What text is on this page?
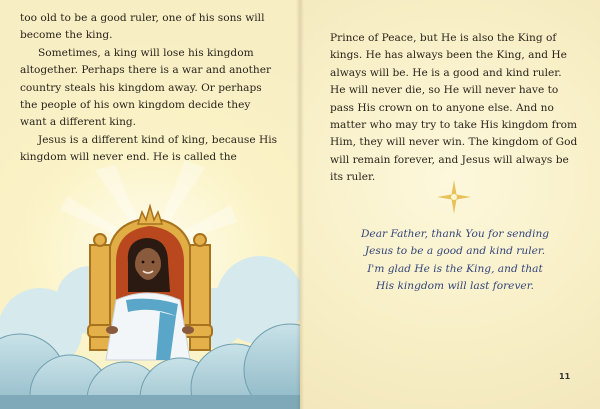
too old to be a good ruler, one of his sons will become the king.

Sometimes, a king will lose his kingdom altogether. Perhaps there is a war and another country steals his kingdom away. Or perhaps the people of his own kingdom decide they want a different king.

Jesus is a different kind of king, because His kingdom will never end. He is called the

Prince of Peace, but He is also the King of kings. He has always been the King, and He always will be. He is a good and kind ruler. He will never die, so He will never have to pass His crown on to anyone else. And no matter who may try to take His kingdom from Him, they will never win. The kingdom of God will remain forever, and Jesus will always be its ruler.

Dear Father, thank You for sending
Jesus to be a good and kind ruler.
I'm glad He is the King, and that
His kingdom will last forever.
11
